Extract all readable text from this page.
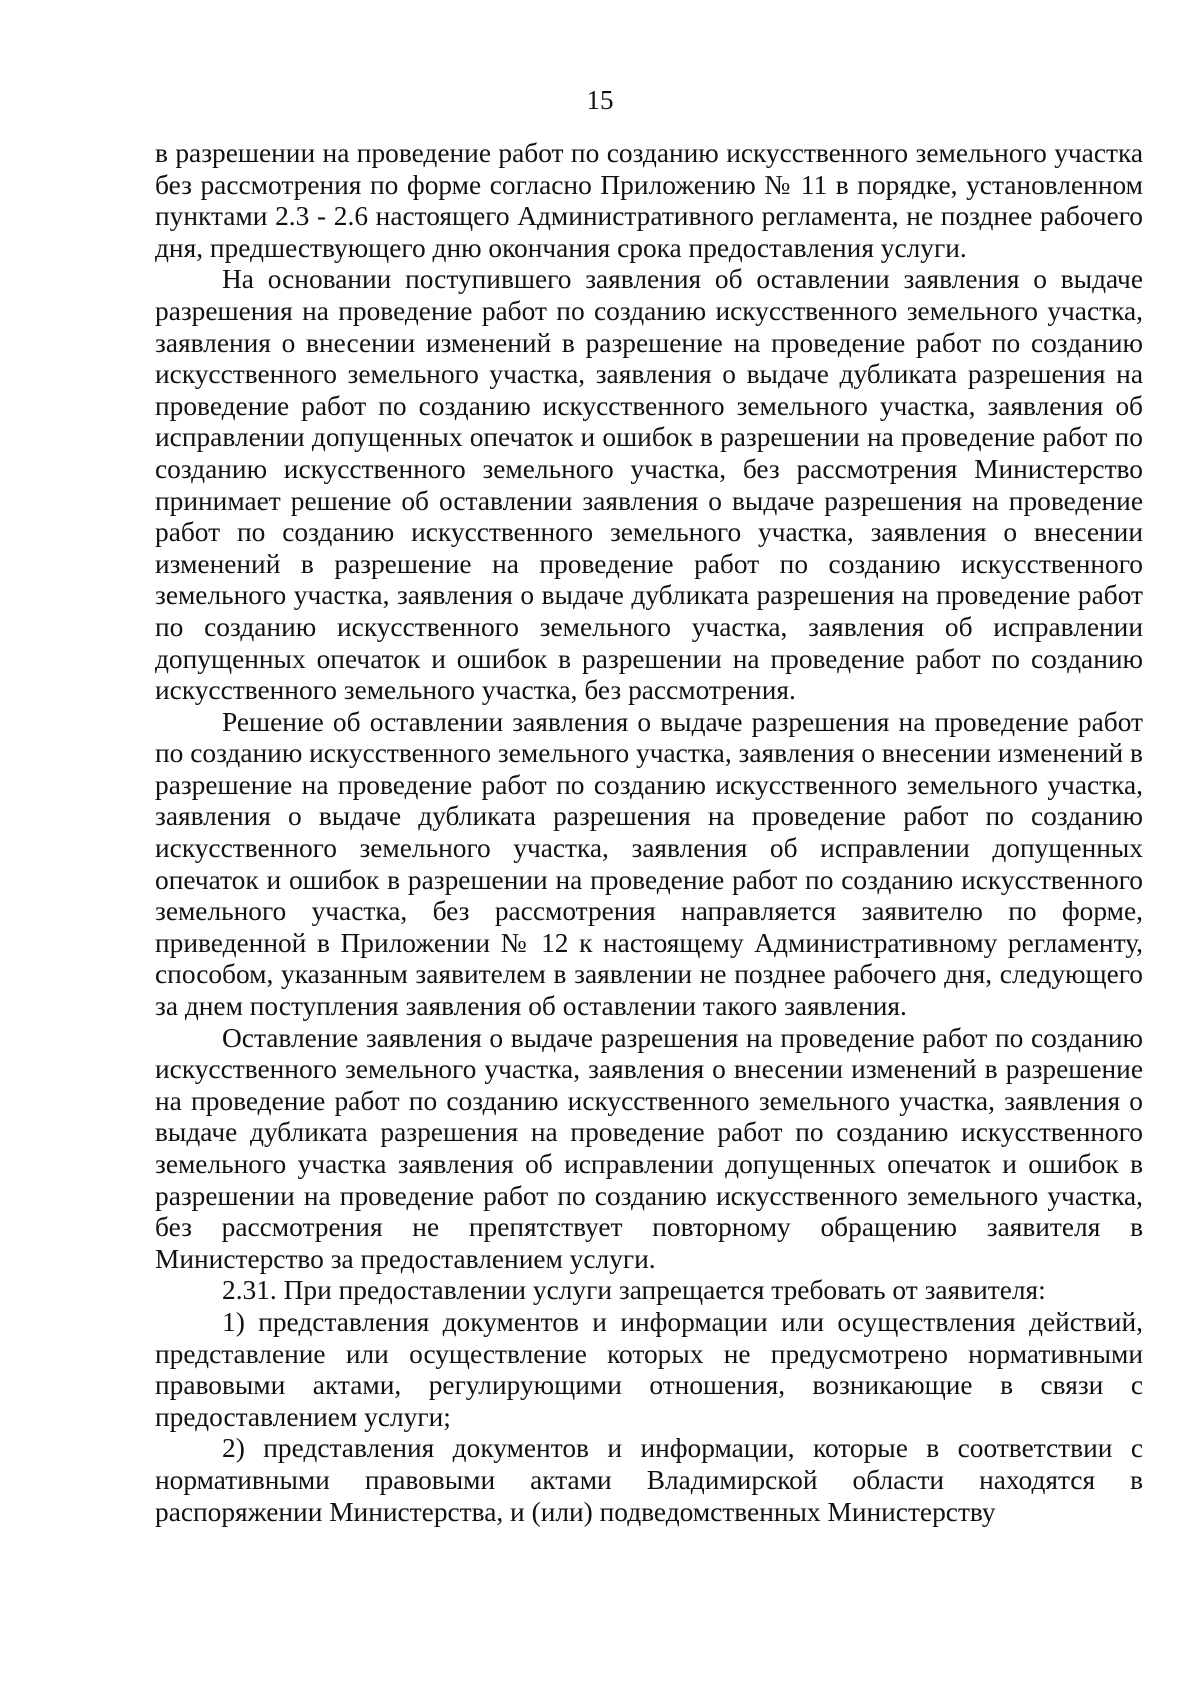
15

в разрешении на проведение работ по созданию искусственного земельного участка без рассмотрения по форме согласно Приложению № 11 в порядке, установленном пунктами 2.3 - 2.6 настоящего Административного регламента, не позднее рабочего дня, предшествующего дню окончания срока предоставления услуги.

На основании поступившего заявления об оставлении заявления о выдаче разрешения на проведение работ по созданию искусственного земельного участка, заявления о внесении изменений в разрешение на проведение работ по созданию искусственного земельного участка, заявления о выдаче дубликата разрешения на проведение работ по созданию искусственного земельного участка, заявления об исправлении допущенных опечаток и ошибок в разрешении на проведение работ по созданию искусственного земельного участка, без рассмотрения Министерство принимает решение об оставлении заявления о выдаче разрешения на проведение работ по созданию искусственного земельного участка, заявления о внесении изменений в разрешение на проведение работ по созданию искусственного земельного участка, заявления о выдаче дубликата разрешения на проведение работ по созданию искусственного земельного участка, заявления об исправлении допущенных опечаток и ошибок в разрешении на проведение работ по созданию искусственного земельного участка, без рассмотрения.

Решение об оставлении заявления о выдаче разрешения на проведение работ по созданию искусственного земельного участка, заявления о внесении изменений в разрешение на проведение работ по созданию искусственного земельного участка, заявления о выдаче дубликата разрешения на проведение работ по созданию искусственного земельного участка, заявления об исправлении допущенных опечаток и ошибок в разрешении на проведение работ по созданию искусственного земельного участка, без рассмотрения направляется заявителю по форме, приведенной в Приложении № 12 к настоящему Административному регламенту, способом, указанным заявителем в заявлении не позднее рабочего дня, следующего за днем поступления заявления об оставлении такого заявления.

Оставление заявления о выдаче разрешения на проведение работ по созданию искусственного земельного участка, заявления о внесении изменений в разрешение на проведение работ по созданию искусственного земельного участка, заявления о выдаче дубликата разрешения на проведение работ по созданию искусственного земельного участка заявления об исправлении допущенных опечаток и ошибок в разрешении на проведение работ по созданию искусственного земельного участка, без рассмотрения не препятствует повторному обращению заявителя в Министерство за предоставлением услуги.

2.31. При предоставлении услуги запрещается требовать от заявителя:

1) представления документов и информации или осуществления действий, представление или осуществление которых не предусмотрено нормативными правовыми актами, регулирующими отношения, возникающие в связи с предоставлением услуги;

2) представления документов и информации, которые в соответствии с нормативными правовыми актами Владимирской области находятся в распоряжении Министерства, и (или) подведомственных Министерству
